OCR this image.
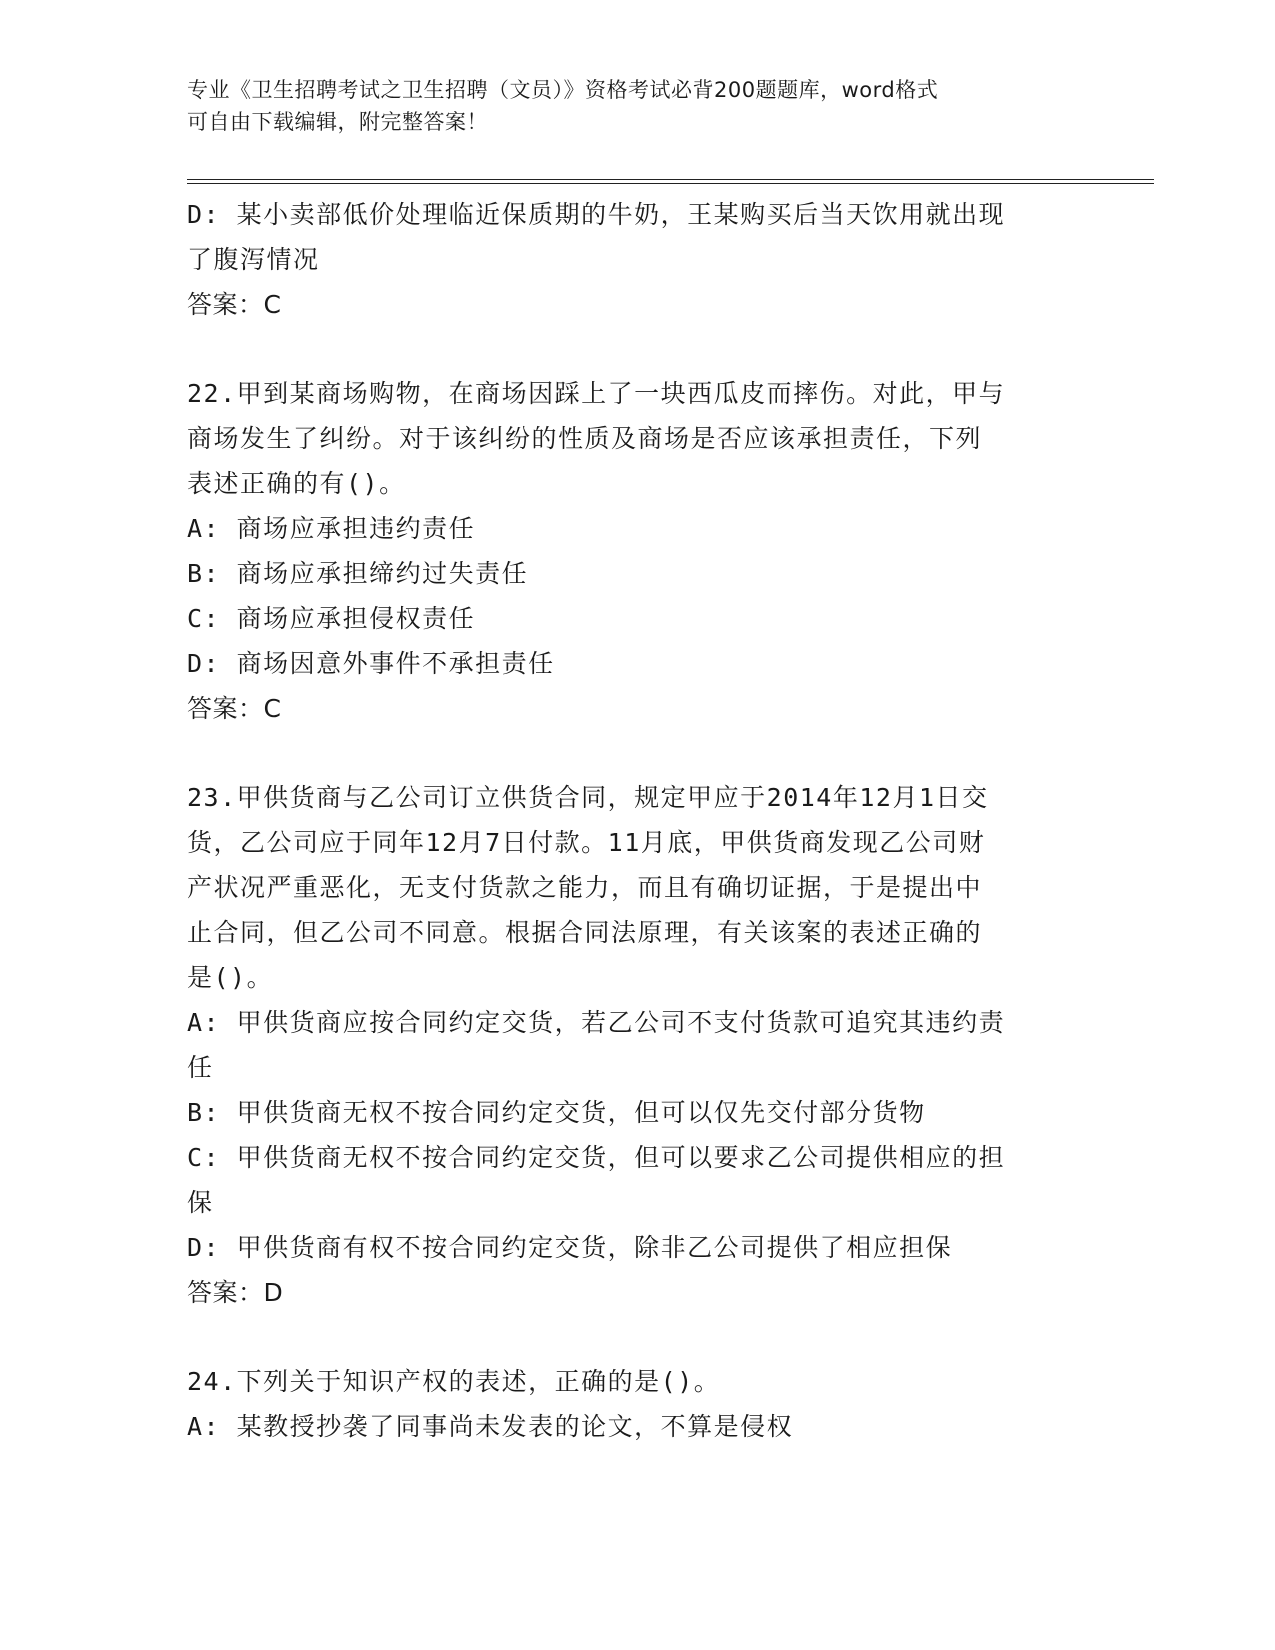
专业《卫生招聘考试之卫生招聘（文员）》资格考试必背200题题库，word格式
可自由下载编辑，附完整答案！
D: 某小卖部低价处理临近保质期的牛奶，王某购买后当天饮用就出现
了腹泻情况
答案：C
22.甲到某商场购物，在商场因踩上了一块西瓜皮而摔伤。对此，甲与
商场发生了纠纷。对于该纠纷的性质及商场是否应该承担责任，下列
表述正确的有()。
A: 商场应承担违约责任
B: 商场应承担缔约过失责任
C: 商场应承担侵权责任
D: 商场因意外事件不承担责任
答案：C
23.甲供货商与乙公司订立供货合同，规定甲应于2014年12月1日交
货，乙公司应于同年12月7日付款。11月底，甲供货商发现乙公司财
产状况严重恶化，无支付货款之能力，而且有确切证据，于是提出中
止合同，但乙公司不同意。根据合同法原理，有关该案的表述正确的
是()。
A: 甲供货商应按合同约定交货，若乙公司不支付货款可追究其违约责
任
B: 甲供货商无权不按合同约定交货，但可以仅先交付部分货物
C: 甲供货商无权不按合同约定交货，但可以要求乙公司提供相应的担
保
D: 甲供货商有权不按合同约定交货，除非乙公司提供了相应担保
答案：D
24.下列关于知识产权的表述，正确的是()。
A: 某教授抄袭了同事尚未发表的论文，不算是侵权
